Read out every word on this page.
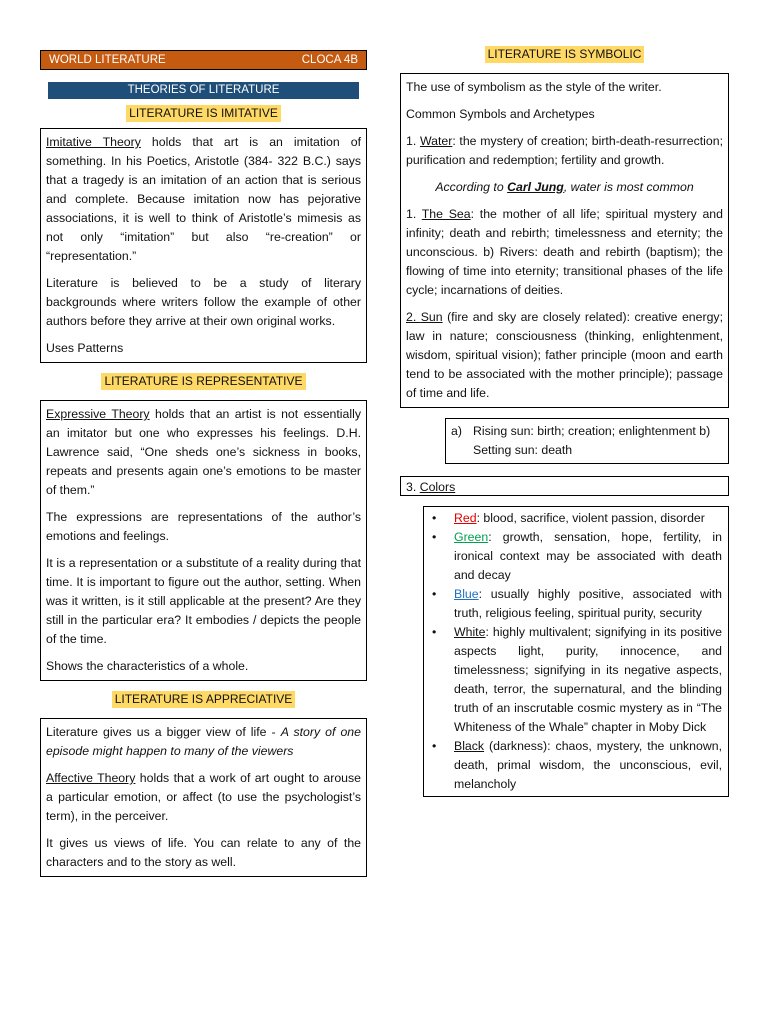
WORLD LITERATURE	CLOCA 4B
THEORIES OF LITERATURE
LITERATURE IS IMITATIVE

Imitative Theory holds that art is an imitation of something. In his Poetics, Aristotle (384- 322 B.C.) says that a tragedy is an imitation of an action that is serious and complete. Because imitation now has pejorative associations, it is well to think of Aristotle’s mimesis as not only “imitation” but also “re-creation” or “representation.”

Literature is believed to be a study of literary backgrounds where writers follow the example of other authors before they arrive at their own original works.

Uses Patterns

LITERATURE IS REPRESENTATIVE

Expressive Theory holds that an artist is not essentially an imitator but one who expresses his feelings. D.H. Lawrence said, “One sheds one’s sickness in books, repeats and presents again one’s emotions to be master of them.”

The expressions are representations of the author’s emotions and feelings.

It is a representation or a substitute of a reality during that time. It is important to figure out the author, setting. When was it written, is it still applicable at the present? Are they still in the particular era? It embodies / depicts the people of the time.

Shows the characteristics of a whole.

LITERATURE IS APPRECIATIVE

Literature gives us a bigger view of life - A story of one episode might happen to many of the viewers

Affective Theory holds that a work of art ought to arouse a particular emotion, or affect (to use the psychologist’s term), in the perceiver.

It gives us views of life. You can relate to any of the characters and to the story as well.

LITERATURE IS SYMBOLIC

The use of symbolism as the style of the writer.

Common Symbols and Archetypes

1. Water: the mystery of creation; birth-death-resurrection; purification and redemption; fertility and growth.

According to Carl Jung, water is most common

1. The Sea: the mother of all life; spiritual mystery and infinity; death and rebirth; timelessness and eternity; the unconscious. b) Rivers: death and rebirth (baptism); the flowing of time into eternity; transitional phases of the life cycle; incarnations of deities.

2. Sun (fire and sky are closely related): creative energy; law in nature; consciousness (thinking, enlightenment, wisdom, spiritual vision); father principle (moon and earth tend to be associated with the mother principle); passage of time and life.

a) Rising sun: birth; creation; enlightenment b) Setting sun: death
3. Colors
•	Red: blood, sacrifice, violent passion, disorder
•	Green: growth, sensation, hope, fertility, in ironical context may be associated with death and decay
•	Blue: usually highly positive, associated with truth, religious feeling, spiritual purity, security
•	White: highly multivalent; signifying in its positive aspects light, purity, innocence, and timelessness; signifying in its negative aspects, death, terror, the supernatural, and the blinding truth of an inscrutable cosmic mystery as in “The Whiteness of the Whale” chapter in Moby Dick
•	Black (darkness): chaos, mystery, the unknown, death, primal wisdom, the unconscious, evil, melancholy
